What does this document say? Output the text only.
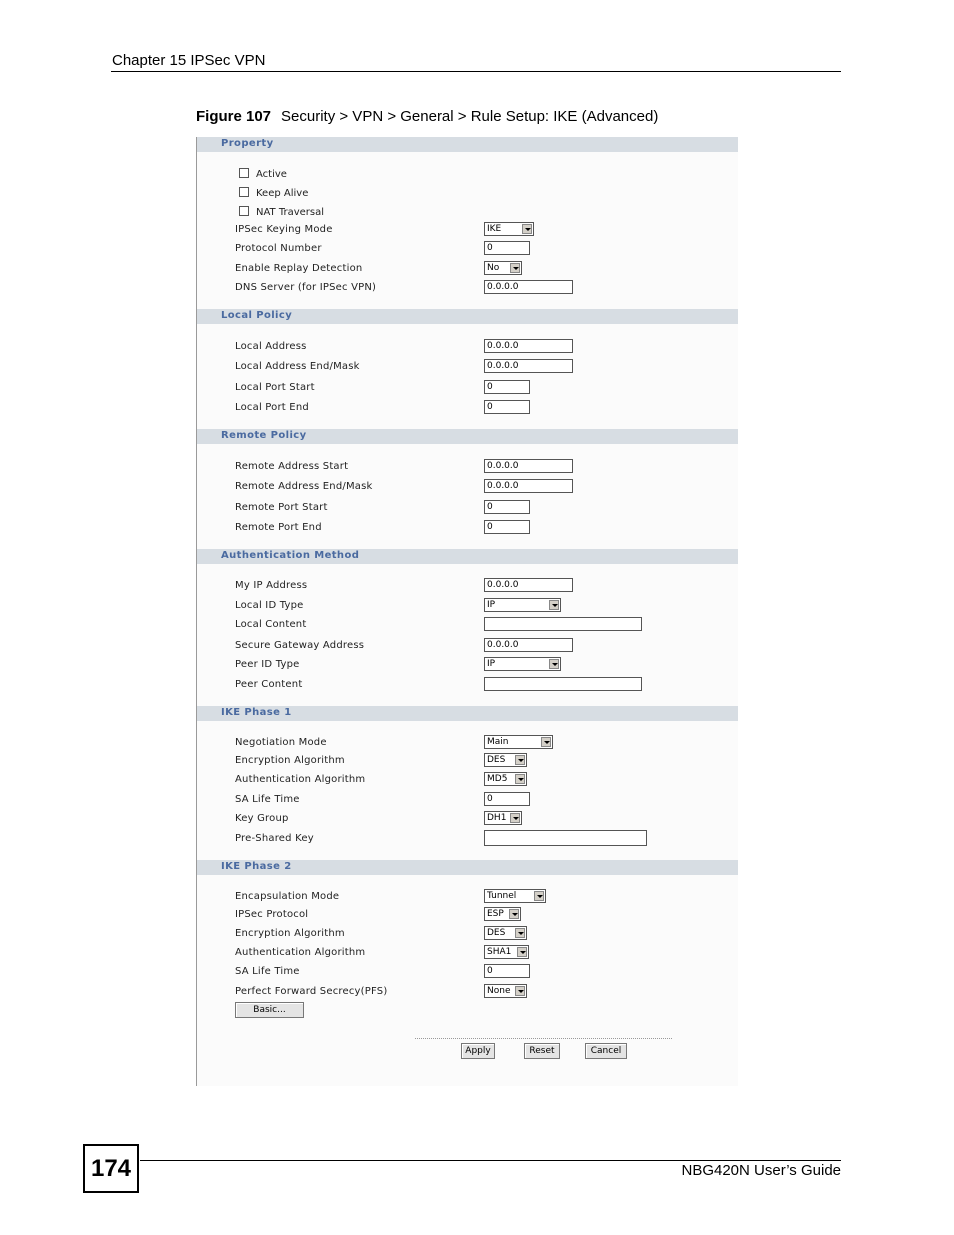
Chapter 15 IPSec VPN
Figure 107 Security > VPN > General > Rule Setup: IKE (Advanced)
Property
Active
Keep Alive
NAT Traversal
IPSec Keying Mode	IKE
Protocol Number	0
Enable Replay Detection	No
DNS Server (for IPSec VPN)	0.0.0.0
Local Policy
Local Address	0.0.0.0
Local Address End/Mask	0.0.0.0
Local Port Start	0
Local Port End	0
Remote Policy
Remote Address Start	0.0.0.0
Remote Address End/Mask	0.0.0.0
Remote Port Start	0
Remote Port End	0
Authentication Method
My IP Address	0.0.0.0
Local ID Type	IP
Local Content
Secure Gateway Address	0.0.0.0
Peer ID Type	IP
Peer Content
IKE Phase 1
Negotiation Mode	Main
Encryption Algorithm	DES
Authentication Algorithm	MD5
SA Life Time	0
Key Group	DH1
Pre-Shared Key
IKE Phase 2
Encapsulation Mode	Tunnel
IPSec Protocol	ESP
Encryption Algorithm	DES
Authentication Algorithm	SHA1
SA Life Time	0
Perfect Forward Secrecy(PFS)	None
Basic...
Apply	Reset	Cancel
174	NBG420N User’s Guide
